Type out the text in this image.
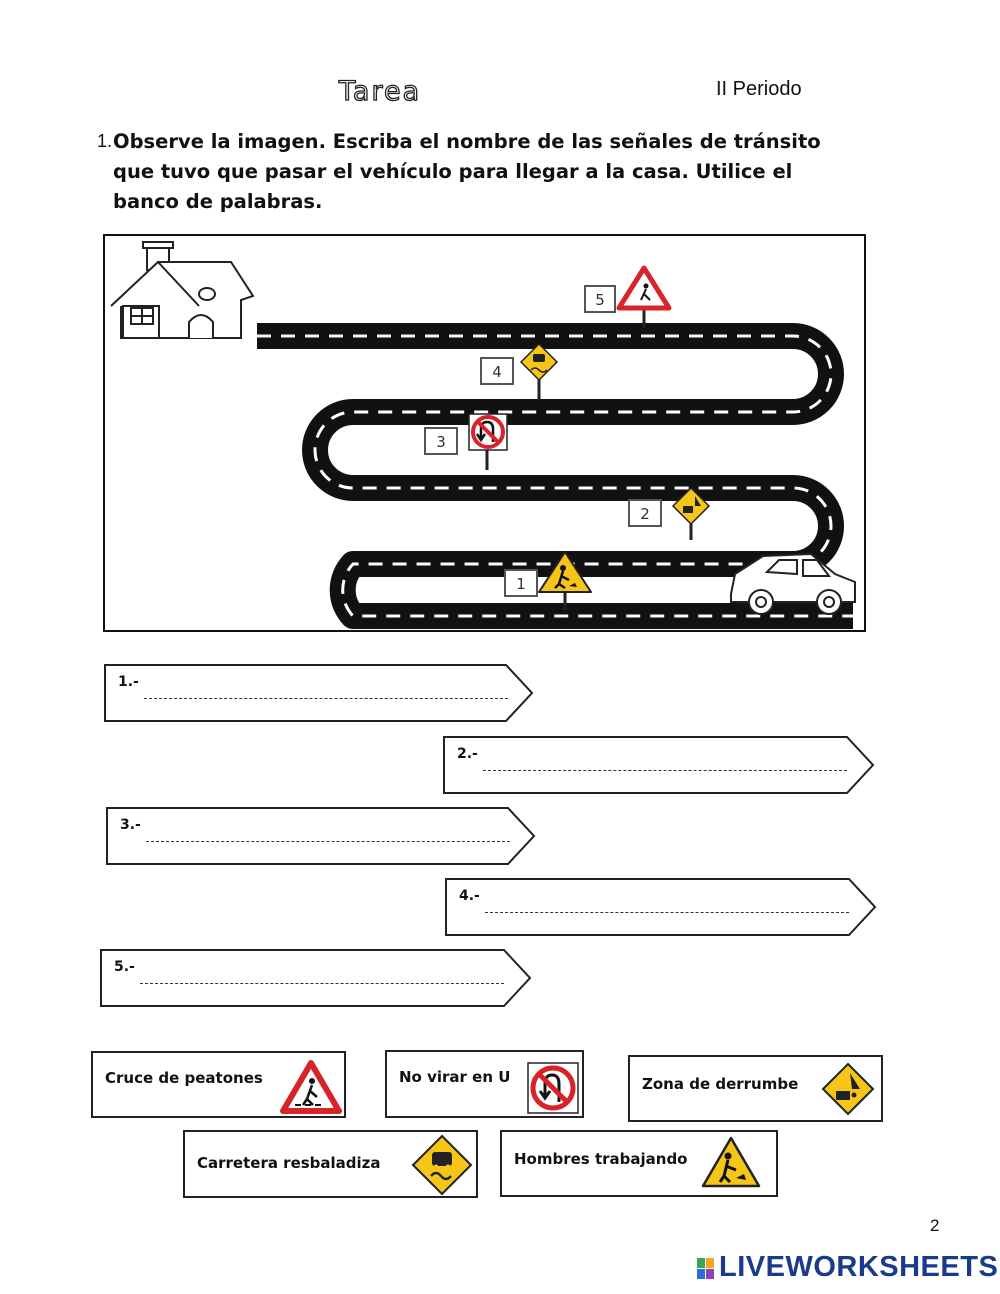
Tarea	II Periodo
1. Observe la imagen. Escriba el nombre de las señales de tránsito que tuvo que pasar el vehículo para llegar a la casa. Utilice el banco de palabras.
5
4
3
2
1
1.-
2.-
3.-
4.-
5.-
Cruce de peatones	No virar en U	Zona de derrumbe
Carretera resbaladiza	Hombres trabajando
2
LIVEWORKSHEETS
